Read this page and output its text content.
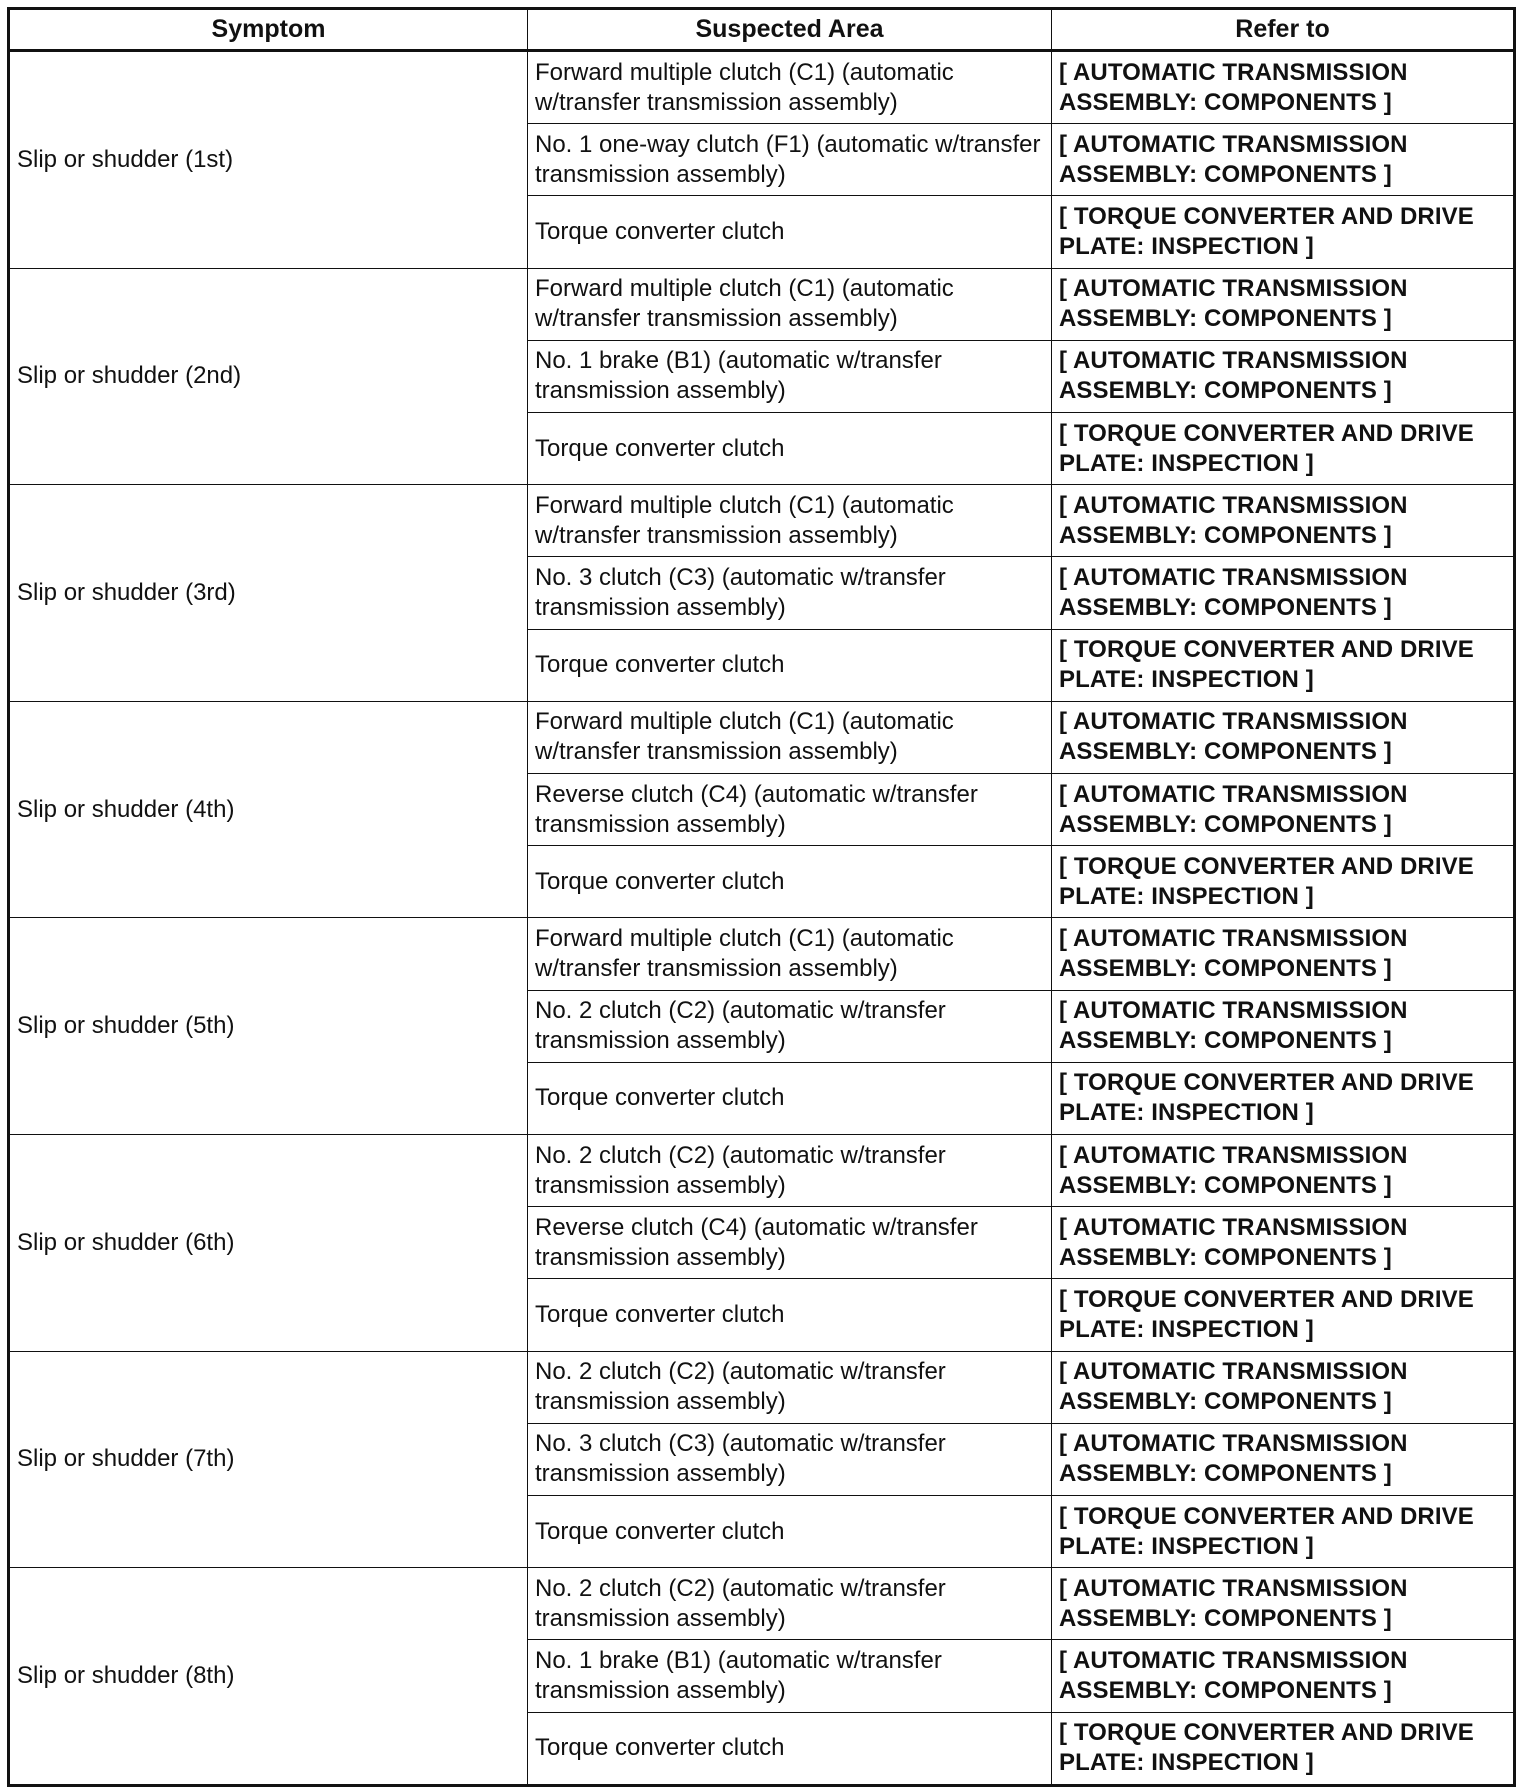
Symptom	Suspected Area	Refer to
Slip or shudder (1st)	Forward multiple clutch (C1) (automatic w/transfer transmission assembly)	[ AUTOMATIC TRANSMISSION ASSEMBLY: COMPONENTS ]
	No. 1 one-way clutch (F1) (automatic w/transfer transmission assembly)	[ AUTOMATIC TRANSMISSION ASSEMBLY: COMPONENTS ]
	Torque converter clutch	[ TORQUE CONVERTER AND DRIVE PLATE: INSPECTION ]
Slip or shudder (2nd)	Forward multiple clutch (C1) (automatic w/transfer transmission assembly)	[ AUTOMATIC TRANSMISSION ASSEMBLY: COMPONENTS ]
	No. 1 brake (B1) (automatic w/transfer transmission assembly)	[ AUTOMATIC TRANSMISSION ASSEMBLY: COMPONENTS ]
	Torque converter clutch	[ TORQUE CONVERTER AND DRIVE PLATE: INSPECTION ]
Slip or shudder (3rd)	Forward multiple clutch (C1) (automatic w/transfer transmission assembly)	[ AUTOMATIC TRANSMISSION ASSEMBLY: COMPONENTS ]
	No. 3 clutch (C3) (automatic w/transfer transmission assembly)	[ AUTOMATIC TRANSMISSION ASSEMBLY: COMPONENTS ]
	Torque converter clutch	[ TORQUE CONVERTER AND DRIVE PLATE: INSPECTION ]
Slip or shudder (4th)	Forward multiple clutch (C1) (automatic w/transfer transmission assembly)	[ AUTOMATIC TRANSMISSION ASSEMBLY: COMPONENTS ]
	Reverse clutch (C4) (automatic w/transfer transmission assembly)	[ AUTOMATIC TRANSMISSION ASSEMBLY: COMPONENTS ]
	Torque converter clutch	[ TORQUE CONVERTER AND DRIVE PLATE: INSPECTION ]
Slip or shudder (5th)	Forward multiple clutch (C1) (automatic w/transfer transmission assembly)	[ AUTOMATIC TRANSMISSION ASSEMBLY: COMPONENTS ]
	No. 2 clutch (C2) (automatic w/transfer transmission assembly)	[ AUTOMATIC TRANSMISSION ASSEMBLY: COMPONENTS ]
	Torque converter clutch	[ TORQUE CONVERTER AND DRIVE PLATE: INSPECTION ]
Slip or shudder (6th)	No. 2 clutch (C2) (automatic w/transfer transmission assembly)	[ AUTOMATIC TRANSMISSION ASSEMBLY: COMPONENTS ]
	Reverse clutch (C4) (automatic w/transfer transmission assembly)	[ AUTOMATIC TRANSMISSION ASSEMBLY: COMPONENTS ]
	Torque converter clutch	[ TORQUE CONVERTER AND DRIVE PLATE: INSPECTION ]
Slip or shudder (7th)	No. 2 clutch (C2) (automatic w/transfer transmission assembly)	[ AUTOMATIC TRANSMISSION ASSEMBLY: COMPONENTS ]
	No. 3 clutch (C3) (automatic w/transfer transmission assembly)	[ AUTOMATIC TRANSMISSION ASSEMBLY: COMPONENTS ]
	Torque converter clutch	[ TORQUE CONVERTER AND DRIVE PLATE: INSPECTION ]
Slip or shudder (8th)	No. 2 clutch (C2) (automatic w/transfer transmission assembly)	[ AUTOMATIC TRANSMISSION ASSEMBLY: COMPONENTS ]
	No. 1 brake (B1) (automatic w/transfer transmission assembly)	[ AUTOMATIC TRANSMISSION ASSEMBLY: COMPONENTS ]
	Torque converter clutch	[ TORQUE CONVERTER AND DRIVE PLATE: INSPECTION ]
